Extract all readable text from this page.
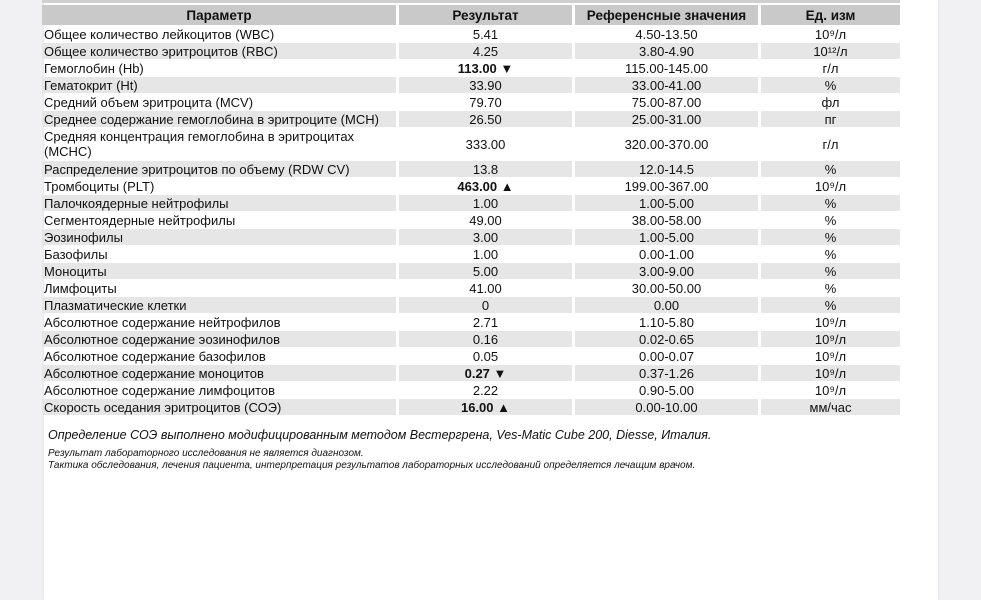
Параметр	Результат	Референсные значения	Ед. изм
Общее количество лейкоцитов (WBC)	5.41	4.50-13.50	10⁹/л
Общее количество эритроцитов (RBC)	4.25	3.80-4.90	10¹²/л
Гемоглобин (Hb)	113.00 ▼	115.00-145.00	г/л
Гематокрит (Ht)	33.90	33.00-41.00	%
Средний объем эритроцита (MCV)	79.70	75.00-87.00	фл
Среднее содержание гемоглобина в эритроците (MCH)	26.50	25.00-31.00	пг
Средняя концентрация гемоглобина в эритроцитах (MCHC)	333.00	320.00-370.00	г/л
Распределение эритроцитов по объему (RDW CV)	13.8	12.0-14.5	%
Тромбоциты (PLT)	463.00 ▲	199.00-367.00	10⁹/л
Палочкоядерные нейтрофилы	1.00	1.00-5.00	%
Сегментоядерные нейтрофилы	49.00	38.00-58.00	%
Эозинофилы	3.00	1.00-5.00	%
Базофилы	1.00	0.00-1.00	%
Моноциты	5.00	3.00-9.00	%
Лимфоциты	41.00	30.00-50.00	%
Плазматические клетки	0	0.00	%
Абсолютное содержание нейтрофилов	2.71	1.10-5.80	10⁹/л
Абсолютное содержание эозинофилов	0.16	0.02-0.65	10⁹/л
Абсолютное содержание базофилов	0.05	0.00-0.07	10⁹/л
Абсолютное содержание моноцитов	0.27 ▼	0.37-1.26	10⁹/л
Абсолютное содержание лимфоцитов	2.22	0.90-5.00	10⁹/л
Скорость оседания эритроцитов (СОЭ)	16.00 ▲	0.00-10.00	мм/час

Определение СОЭ выполнено модифицированным методом Вестергрена, Ves-Matic Cube 200, Diesse, Италия.

Результат лабораторного исследования не является диагнозом.

Тактика обследования, лечения пациента, интерпретация результатов лабораторных исследований определяется лечащим врачом.
